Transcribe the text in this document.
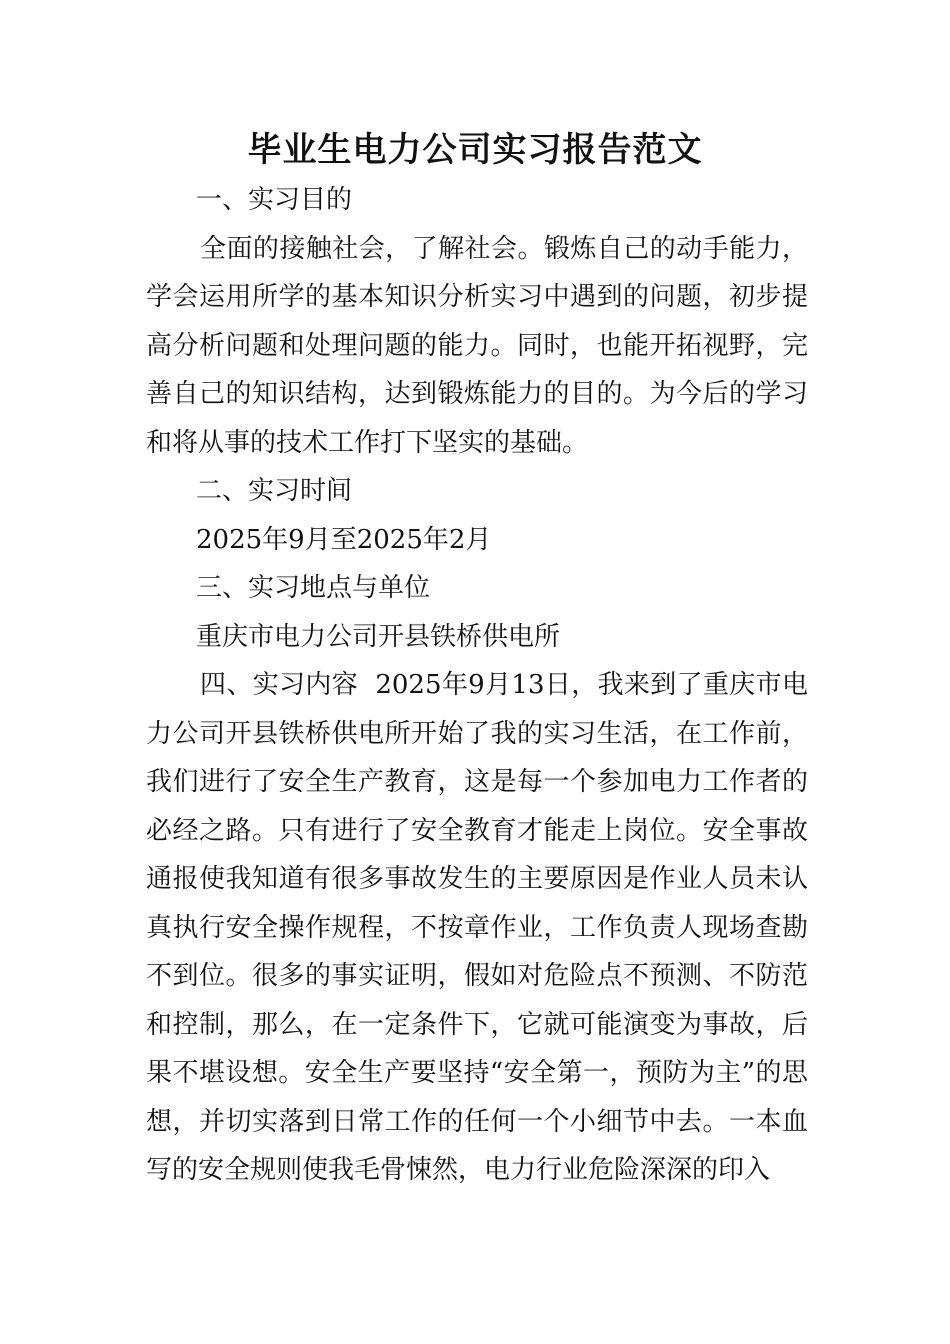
毕业生电力公司实习报告范文

一、实习目的

全面的接触社会，了解社会。锻炼自己的动手能力，学会运用所学的基本知识分析实习中遇到的问题，初步提高分析问题和处理问题的能力。同时，也能开拓视野，完善自己的知识结构，达到锻炼能力的目的。为今后的学习和将从事的技术工作打下坚实的基础。

二、实习时间

2025年9月至2025年2月

三、实习地点与单位

重庆市电力公司开县铁桥供电所

四、实习内容  2025年9月13日，我来到了重庆市电力公司开县铁桥供电所开始了我的实习生活，在工作前，我们进行了安全生产教育，这是每一个参加电力工作者的必经之路。只有进行了安全教育才能走上岗位。安全事故通报使我知道有很多事故发生的主要原因是作业人员未认真执行安全操作规程，不按章作业，工作负责人现场查勘不到位。很多的事实证明，假如对危险点不预测、不防范和控制，那么，在一定条件下，它就可能演变为事故，后果不堪设想。安全生产要坚持“安全第一，预防为主”的思想，并切实落到日常工作的任何一个小细节中去。一本血写的安全规则使我毛骨悚然，电力行业危险深深的印入
